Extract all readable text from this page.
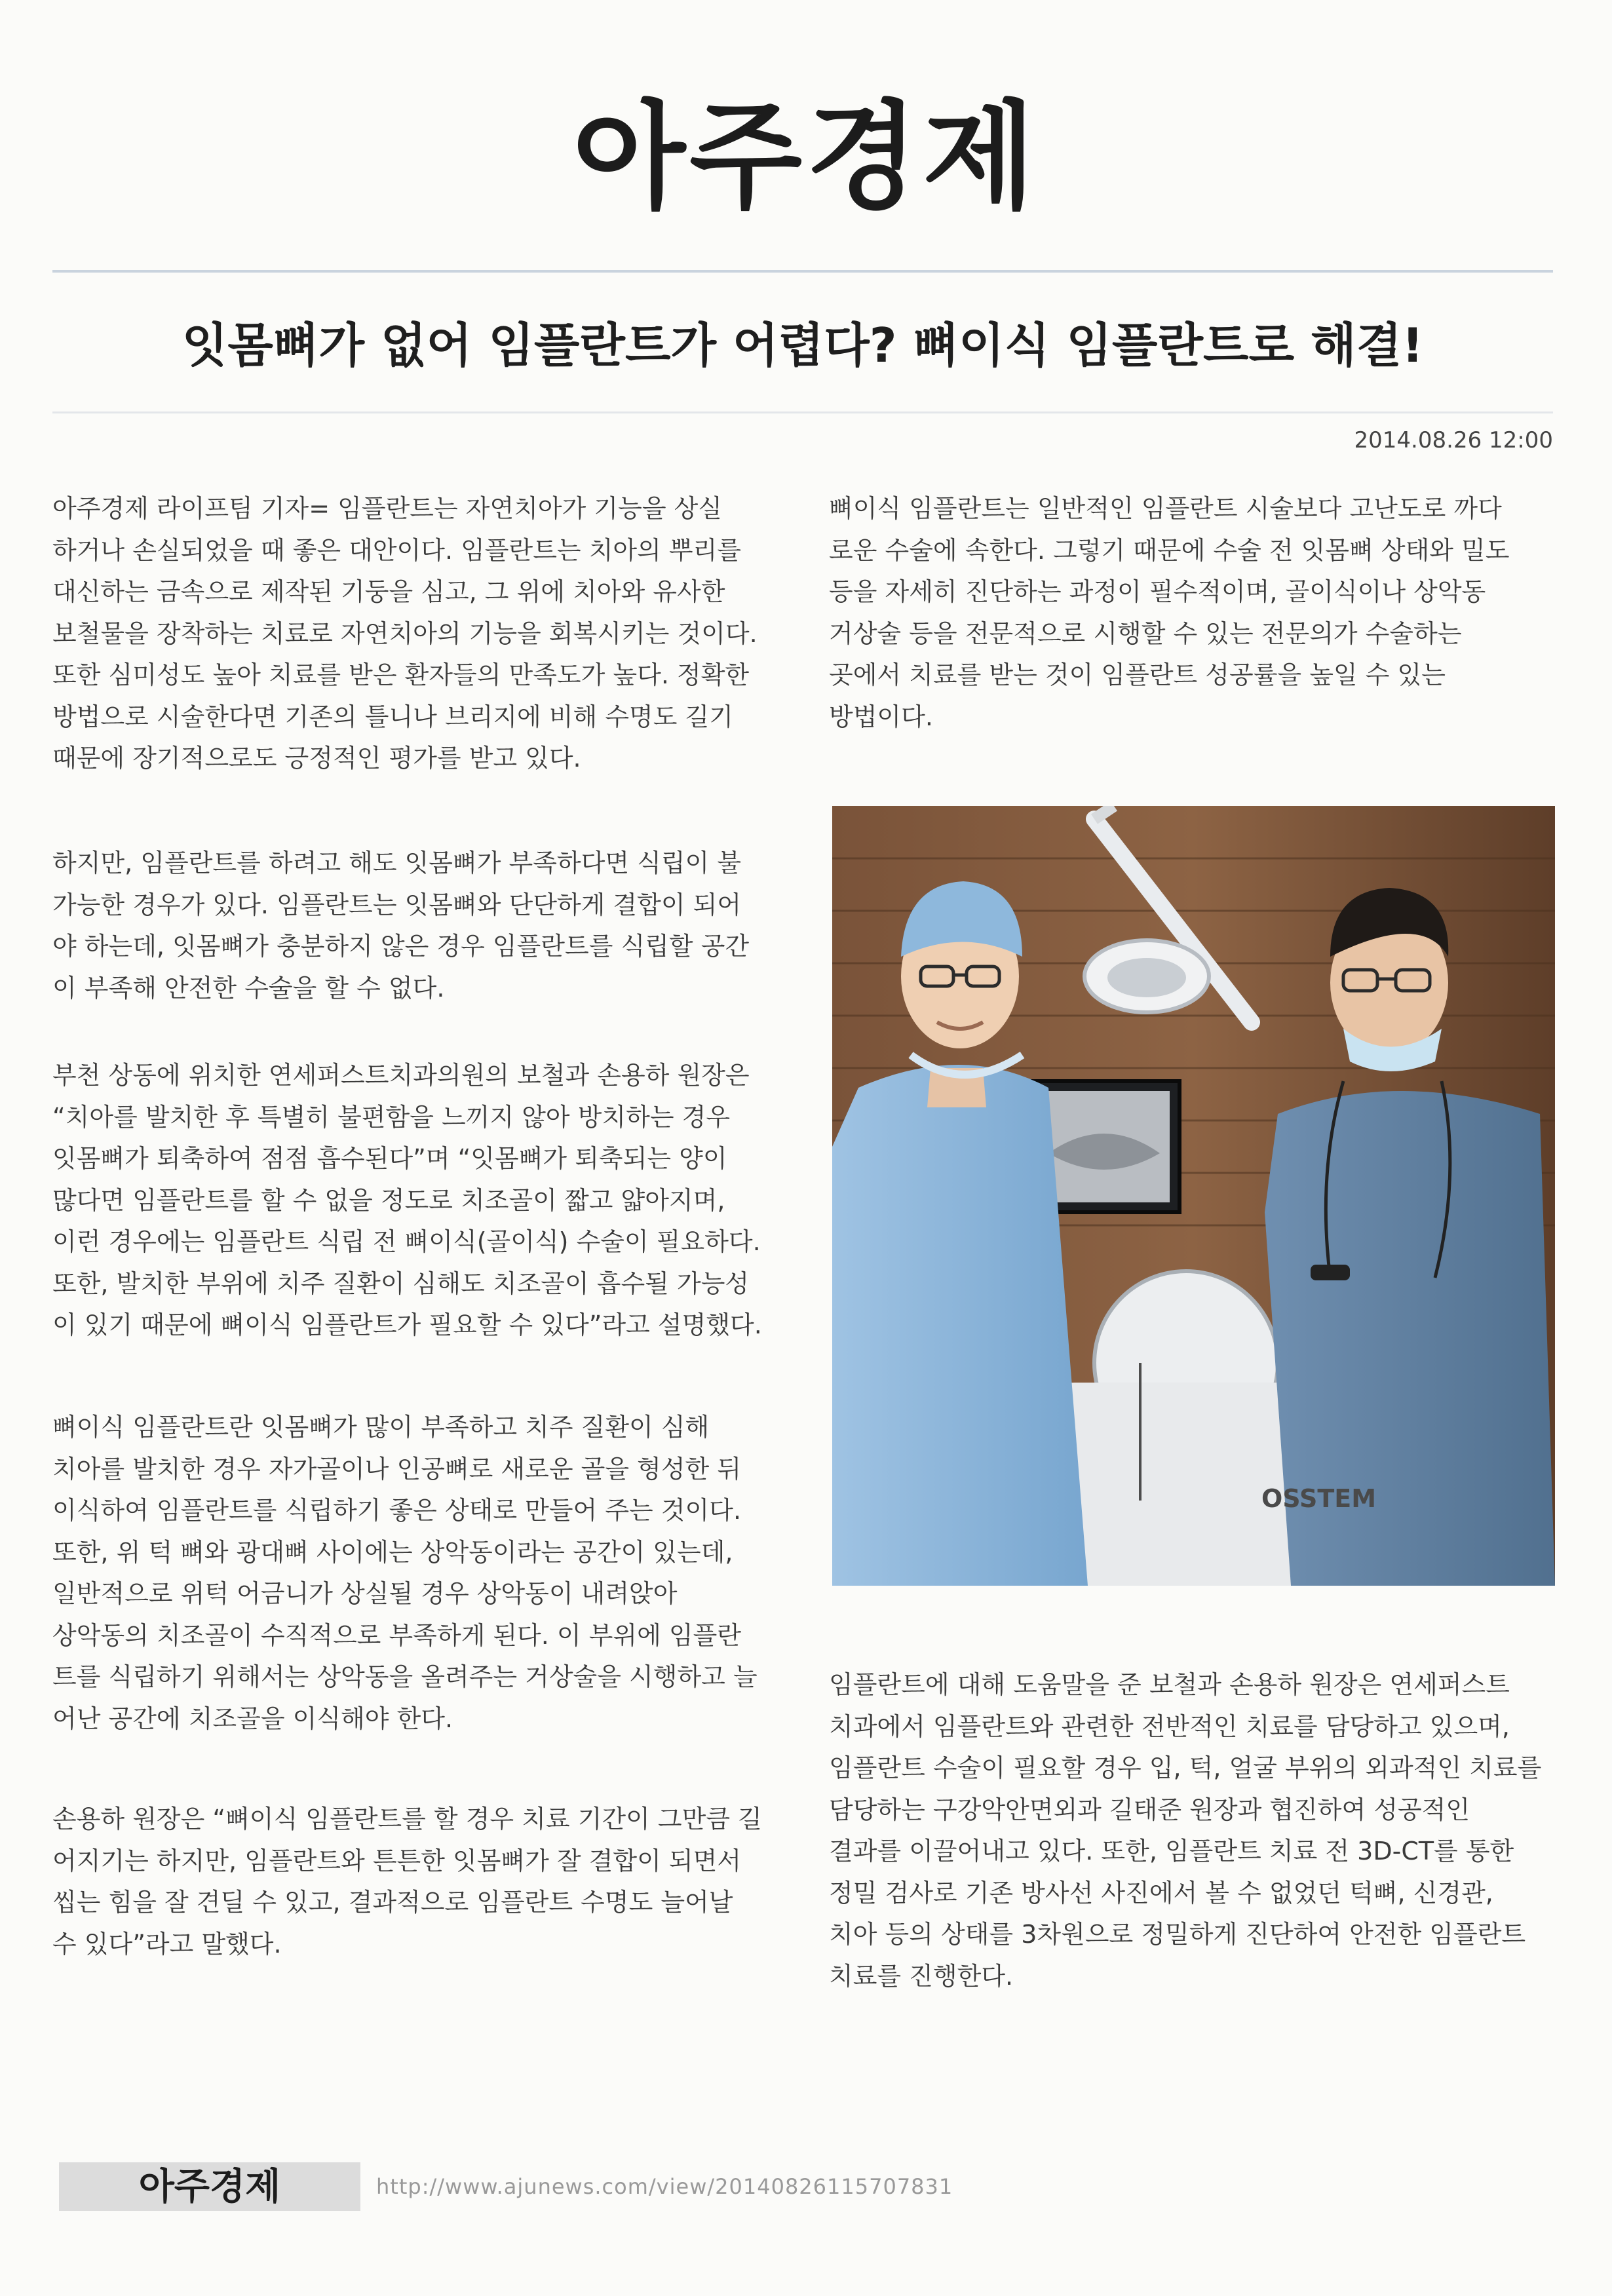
아주경제
잇몸뼈가 없어 임플란트가 어렵다? 뼈이식 임플란트로 해결!
2014.08.26 12:00

아주경제 라이프팀 기자= 임플란트는 자연치아가 기능을 상실

하거나 손실되었을 때 좋은 대안이다. 임플란트는 치아의 뿌리를

대신하는 금속으로 제작된 기둥을 심고, 그 위에 치아와 유사한

보철물을 장착하는 치료로 자연치아의 기능을 회복시키는 것이다.

또한 심미성도 높아 치료를 받은 환자들의 만족도가 높다. 정확한

방법으로 시술한다면 기존의 틀니나 브리지에 비해 수명도 길기

때문에 장기적으로도 긍정적인 평가를 받고 있다.

하지만, 임플란트를 하려고 해도 잇몸뼈가 부족하다면 식립이 불

가능한 경우가 있다. 임플란트는 잇몸뼈와 단단하게 결합이 되어

야 하는데, 잇몸뼈가 충분하지 않은 경우 임플란트를 식립할 공간

이 부족해 안전한 수술을 할 수 없다.

부천 상동에 위치한 연세퍼스트치과의원의 보철과 손용하 원장은

“치아를 발치한 후 특별히 불편함을 느끼지 않아 방치하는 경우

잇몸뼈가 퇴축하여 점점 흡수된다”며 “잇몸뼈가 퇴축되는 양이

많다면 임플란트를 할 수 없을 정도로 치조골이 짧고 얇아지며,

이런 경우에는 임플란트 식립 전 뼈이식(골이식) 수술이 필요하다.

또한, 발치한 부위에 치주 질환이 심해도 치조골이 흡수될 가능성

이 있기 때문에 뼈이식 임플란트가 필요할 수 있다”라고 설명했다.

뼈이식 임플란트란 잇몸뼈가 많이 부족하고 치주 질환이 심해

치아를 발치한 경우 자가골이나 인공뼈로 새로운 골을 형성한 뒤

이식하여 임플란트를 식립하기 좋은 상태로 만들어 주는 것이다.

또한, 위 턱 뼈와 광대뼈 사이에는 상악동이라는 공간이 있는데,

일반적으로 위턱 어금니가 상실될 경우 상악동이 내려앉아

상악동의 치조골이 수직적으로 부족하게 된다. 이 부위에 임플란

트를 식립하기 위해서는 상악동을 올려주는 거상술을 시행하고 늘

어난 공간에 치조골을 이식해야 한다.

손용하 원장은 “뼈이식 임플란트를 할 경우 치료 기간이 그만큼 길

어지기는 하지만, 임플란트와 튼튼한 잇몸뼈가 잘 결합이 되면서

씹는 힘을 잘 견딜 수 있고, 결과적으로 임플란트 수명도 늘어날

수 있다”라고 말했다.

뼈이식 임플란트는 일반적인 임플란트 시술보다 고난도로 까다

로운 수술에 속한다. 그렇기 때문에 수술 전 잇몸뼈 상태와 밀도

등을 자세히 진단하는 과정이 필수적이며, 골이식이나 상악동

거상술 등을 전문적으로 시행할 수 있는 전문의가 수술하는

곳에서 치료를 받는 것이 임플란트 성공률을 높일 수 있는

방법이다.

OSSTEM

임플란트에 대해 도움말을 준 보철과 손용하 원장은 연세퍼스트

치과에서 임플란트와 관련한 전반적인 치료를 담당하고 있으며,

임플란트 수술이 필요할 경우 입, 턱, 얼굴 부위의 외과적인 치료를

담당하는 구강악안면외과 길태준 원장과 협진하여 성공적인

결과를 이끌어내고 있다. 또한, 임플란트 치료 전 3D-CT를 통한

정밀 검사로 기존 방사선 사진에서 볼 수 없었던 턱뼈, 신경관,

치아 등의 상태를 3차원으로 정밀하게 진단하여 안전한 임플란트

치료를 진행한다.

아주경제	http://www.ajunews.com/view/20140826115707831
